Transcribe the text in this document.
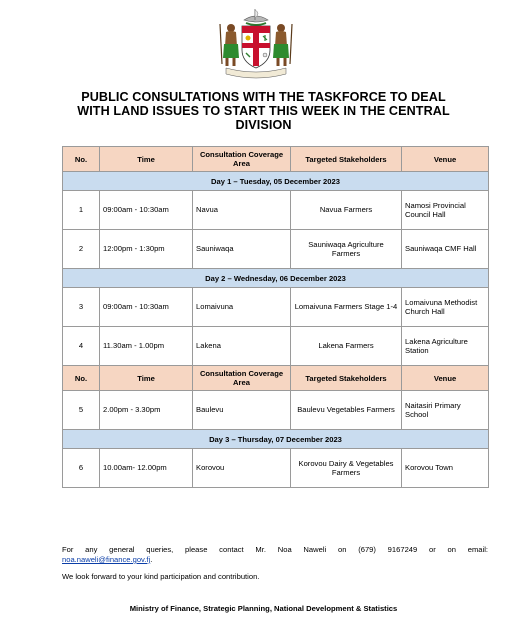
PUBLIC CONSULTATIONS WITH THE TASKFORCE TO DEAL
WITH LAND ISSUES TO START THIS WEEK IN THE CENTRAL
DIVISION
No.	Time	Consultation Coverage Area	Targeted Stakeholders	Venue
Day 1 – Tuesday, 05 December 2023				
1	09:00am - 10:30am	Navua	Navua Farmers	Namosi Provincial Council Hall
2	12:00pm - 1:30pm	Sauniwaqa	Sauniwaqa Agriculture Farmers	Sauniwaqa CMF Hall
Day 2 – Wednesday, 06 December 2023				
3	09:00am - 10:30am	Lomaivuna	Lomaivuna Farmers Stage 1-4	Lomaivuna Methodist Church Hall
4	11.30am - 1.00pm	Lakena	Lakena Farmers	Lakena Agriculture Station
No.	Time	Consultation Coverage Area	Targeted Stakeholders	Venue
5	2.00pm - 3.30pm	Baulevu	Baulevu Vegetables Farmers	Naitasiri Primary School
Day 3 – Thursday, 07 December 2023				
6	10.00am- 12.00pm	Korovou	Korovou Dairy & Vegetables Farmers	Korovou Town
For any general queries, please contact Mr. Noa Naweli on (679) 9167249 or on email:
noa.naweli@finance.gov.fj.
We look forward to your kind participation and contribution.
Ministry of Finance, Strategic Planning, National Development & Statistics
